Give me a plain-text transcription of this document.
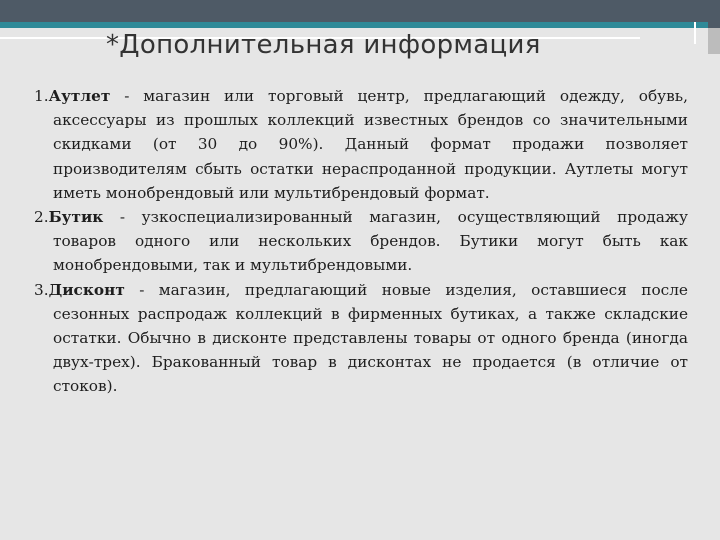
*Дополнительная информация
1.Аутлет - магазин или торговый центр, предлагающий одежду, обувь, аксессуары из прошлых коллекций известных брендов со значительными скидками (от 30 до 90%). Данный формат продажи позволяет производителям сбыть остатки нераспроданной продукции. Аутлеты могут иметь монобрендовый или мультибрендовый формат.
2.Бутик - узкоспециализированный магазин, осуществляющий продажу товаров одного или нескольких брендов. Бутики могут быть как монобрендовыми, так и мультибрендовыми.
3.Дисконт - магазин, предлагающий новые изделия, оставшиеся после сезонных распродаж коллекций в фирменных бутиках, а также складские остатки. Обычно в дисконте представлены товары от одного бренда (иногда двух-трех). Бракованный товар в дисконтах не продается (в отличие от стоков).
